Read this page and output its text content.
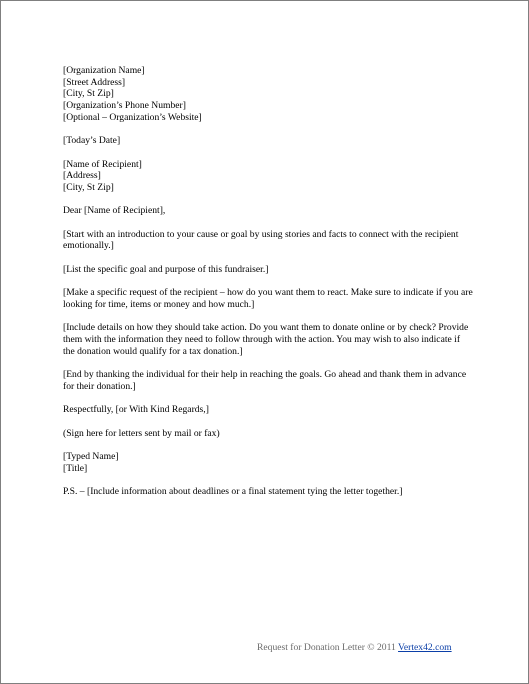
[Organization Name]
[Street Address]
[City, St Zip]
[Organization’s Phone Number]
[Optional – Organization’s Website]
[Today’s Date]
[Name of Recipient]
[Address]
[City, St Zip]
Dear [Name of Recipient],
[Start with an introduction to your cause or goal by using stories and facts to connect with the recipient emotionally.]
[List the specific goal and purpose of this fundraiser.]
[Make a specific request of the recipient – how do you want them to react. Make sure to indicate if you are looking for time, items or money and how much.]
[Include details on how they should take action. Do you want them to donate online or by check? Provide them with the information they need to follow through with the action. You may wish to also indicate if the donation would qualify for a tax donation.]
[End by thanking the individual for their help in reaching the goals. Go ahead and thank them in advance for their donation.]
Respectfully, [or With Kind Regards,]
(Sign here for letters sent by mail or fax)
[Typed Name]
[Title]
P.S. – [Include information about deadlines or a final statement tying the letter together.]
Request for Donation Letter © 2011 Vertex42.com
